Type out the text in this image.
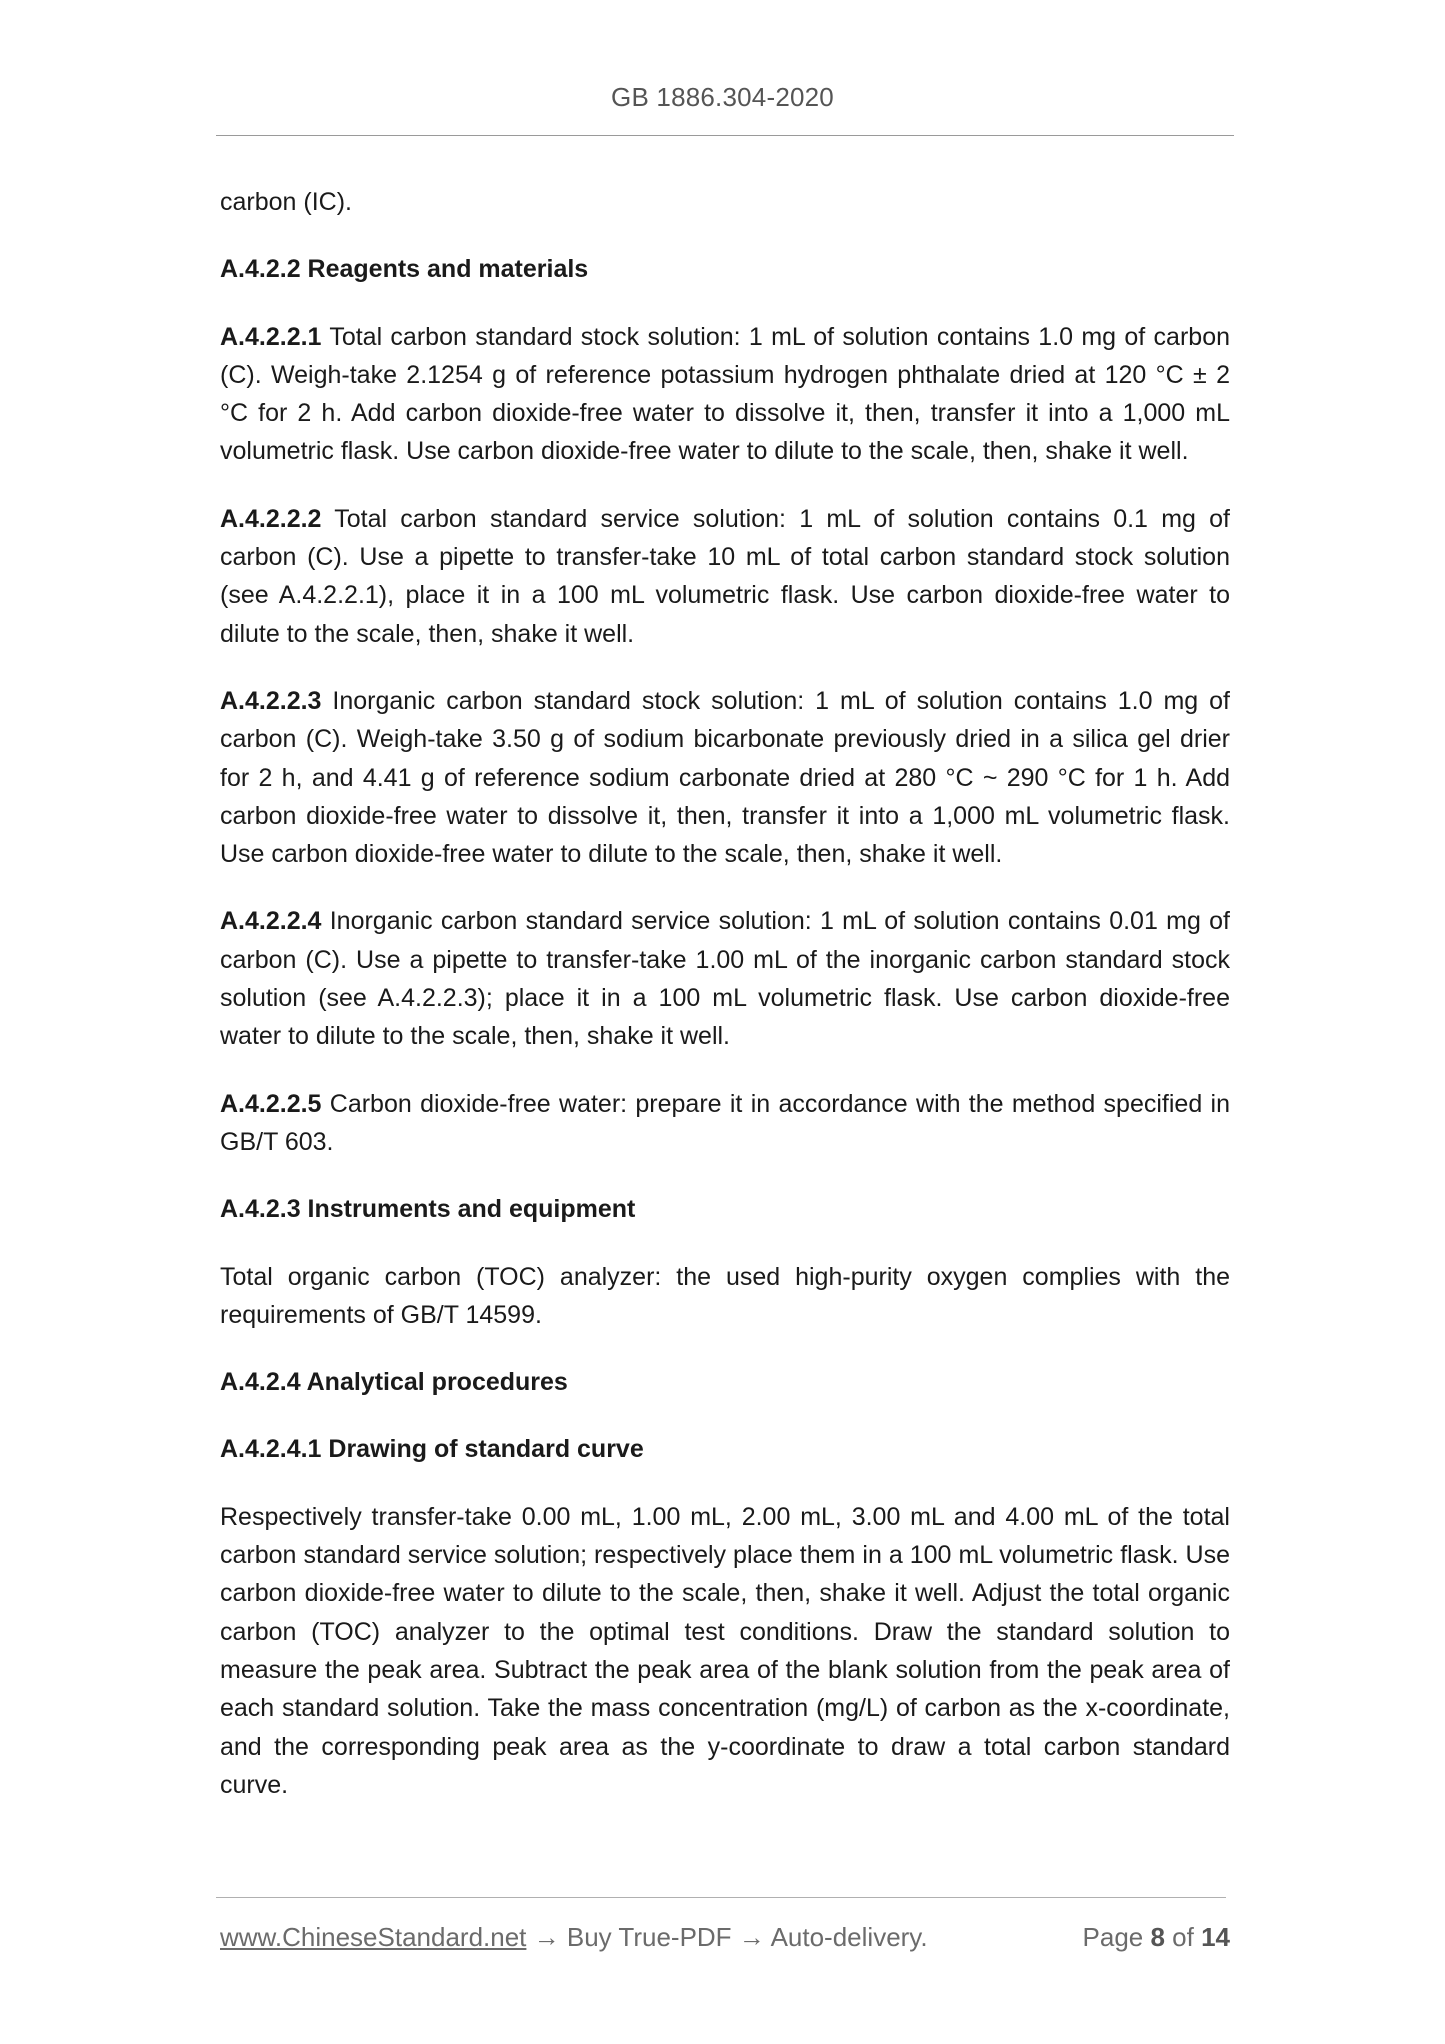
GB 1886.304-2020

carbon (IC).

A.4.2.2 Reagents and materials

A.4.2.2.1 Total carbon standard stock solution: 1 mL of solution contains 1.0 mg of carbon (C). Weigh-take 2.1254 g of reference potassium hydrogen phthalate dried at 120 °C ± 2 °C for 2 h. Add carbon dioxide-free water to dissolve it, then, transfer it into a 1,000 mL volumetric flask. Use carbon dioxide-free water to dilute to the scale, then, shake it well.

A.4.2.2.2 Total carbon standard service solution: 1 mL of solution contains 0.1 mg of carbon (C). Use a pipette to transfer-take 10 mL of total carbon standard stock solution (see A.4.2.2.1), place it in a 100 mL volumetric flask. Use carbon dioxide-free water to dilute to the scale, then, shake it well.

A.4.2.2.3 Inorganic carbon standard stock solution: 1 mL of solution contains 1.0 mg of carbon (C). Weigh-take 3.50 g of sodium bicarbonate previously dried in a silica gel drier for 2 h, and 4.41 g of reference sodium carbonate dried at 280 °C ~ 290 °C for 1 h. Add carbon dioxide-free water to dissolve it, then, transfer it into a 1,000 mL volumetric flask. Use carbon dioxide-free water to dilute to the scale, then, shake it well.

A.4.2.2.4 Inorganic carbon standard service solution: 1 mL of solution contains 0.01 mg of carbon (C). Use a pipette to transfer-take 1.00 mL of the inorganic carbon standard stock solution (see A.4.2.2.3); place it in a 100 mL volumetric flask. Use carbon dioxide-free water to dilute to the scale, then, shake it well.

A.4.2.2.5 Carbon dioxide-free water: prepare it in accordance with the method specified in GB/T 603.

A.4.2.3 Instruments and equipment

Total organic carbon (TOC) analyzer: the used high-purity oxygen complies with the requirements of GB/T 14599.

A.4.2.4 Analytical procedures

A.4.2.4.1 Drawing of standard curve

Respectively transfer-take 0.00 mL, 1.00 mL, 2.00 mL, 3.00 mL and 4.00 mL of the total carbon standard service solution; respectively place them in a 100 mL volumetric flask. Use carbon dioxide-free water to dilute to the scale, then, shake it well. Adjust the total organic carbon (TOC) analyzer to the optimal test conditions. Draw the standard solution to measure the peak area. Subtract the peak area of the blank solution from the peak area of each standard solution. Take the mass concentration (mg/L) of carbon as the x-coordinate, and the corresponding peak area as the y-coordinate to draw a total carbon standard curve.

www.ChineseStandard.net → Buy True-PDF → Auto-delivery.	Page 8 of 14
